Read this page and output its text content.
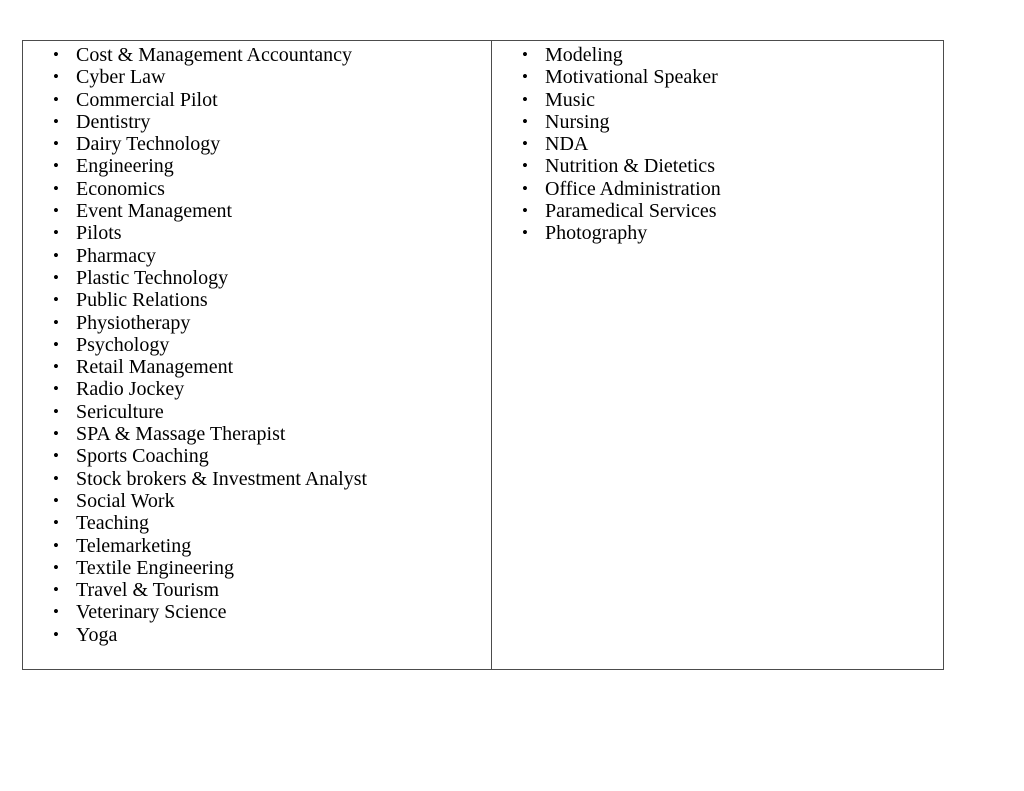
• Cost & Management Accountancy
• Cyber Law
• Commercial Pilot
• Dentistry
• Dairy Technology
• Engineering
• Economics
• Event Management
• Pilots
• Pharmacy
• Plastic Technology
• Public Relations
• Physiotherapy
• Psychology
• Retail Management
• Radio Jockey
• Sericulture
• SPA & Massage Therapist
• Sports Coaching
• Stock brokers & Investment Analyst
• Social Work
• Teaching
• Telemarketing
• Textile Engineering
• Travel & Tourism
• Veterinary Science
• Yoga
• Modeling
• Motivational Speaker
• Music
• Nursing
• NDA
• Nutrition & Dietetics
• Office Administration
• Paramedical Services
• Photography
